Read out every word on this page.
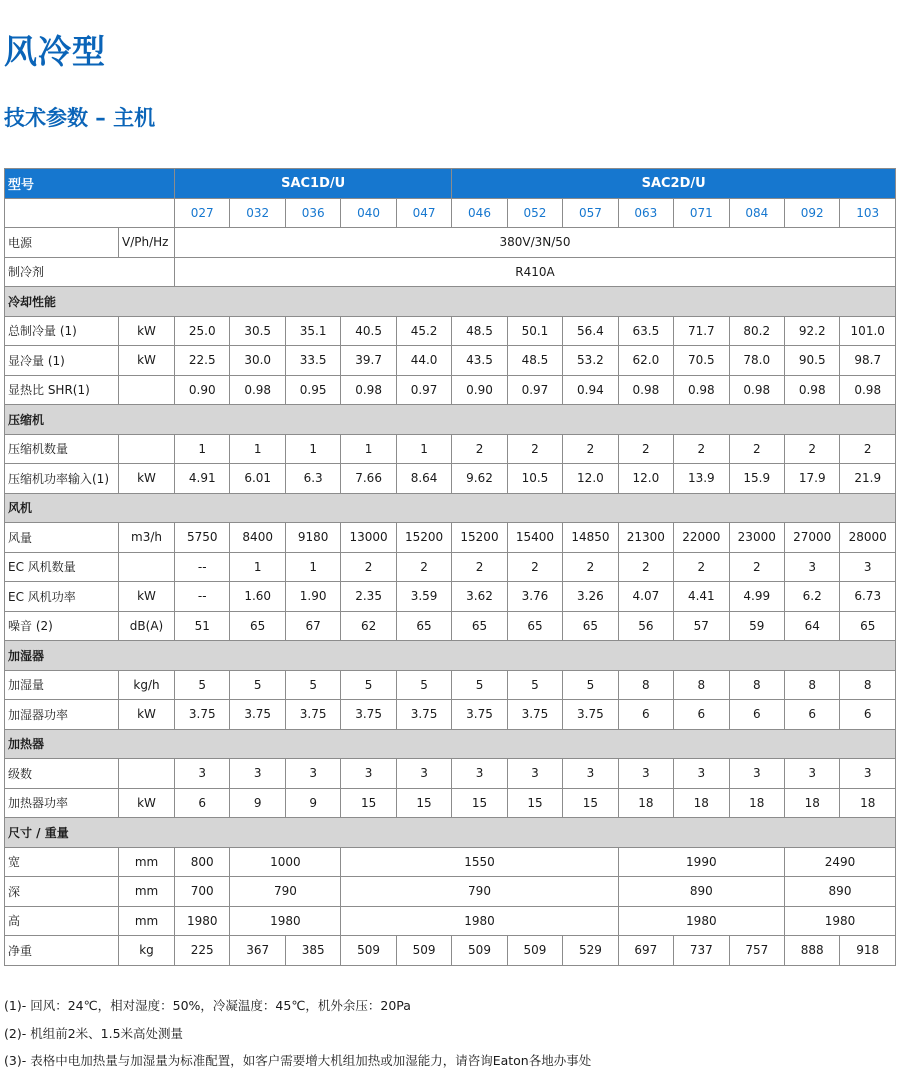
风冷型
技术参数 – 主机
型号		SAC1D/U					SAC2D/U							
		027	032	036	040	047	046	052	057	063	071	084	092	103
电源	V/Ph/Hz	380V/3N/50												
制冷剂		R410A												
冷却性能														
总制冷量 (1)	kW	25.0	30.5	35.1	40.5	45.2	48.5	50.1	56.4	63.5	71.7	80.2	92.2	101.0
显冷量 (1)	kW	22.5	30.0	33.5	39.7	44.0	43.5	48.5	53.2	62.0	70.5	78.0	90.5	98.7
显热比 SHR(1)		0.90	0.98	0.95	0.98	0.97	0.90	0.97	0.94	0.98	0.98	0.98	0.98	0.98
压缩机														
压缩机数量		1	1	1	1	1	2	2	2	2	2	2	2	2
压缩机功率输入(1)	kW	4.91	6.01	6.3	7.66	8.64	9.62	10.5	12.0	12.0	13.9	15.9	17.9	21.9
风机														
风量	m3/h	5750	8400	9180	13000	15200	15200	15400	14850	21300	22000	23000	27000	28000
EC 风机数量		--	1	1	2	2	2	2	2	2	2	2	3	3
EC 风机功率	kW	--	1.60	1.90	2.35	3.59	3.62	3.76	3.26	4.07	4.41	4.99	6.2	6.73
噪音 (2)	dB(A)	51	65	67	62	65	65	65	65	56	57	59	64	65
加湿器														
加湿量	kg/h	5	5	5	5	5	5	5	5	8	8	8	8	8
加湿器功率	kW	3.75	3.75	3.75	3.75	3.75	3.75	3.75	3.75	6	6	6	6	6
加热器														
级数		3	3	3	3	3	3	3	3	3	3	3	3	3
加热器功率	kW	6	9	9	15	15	15	15	15	18	18	18	18	18
尺寸 / 重量														
宽	mm	800	1000		1550					1990			2490	
深	mm	700	790		790					890			890	
高	mm	1980	1980		1980					1980			1980	
净重	kg	225	367	385	509	509	509	509	529	697	737	757	888	918
(1)- 回风：24℃，相对湿度：50%，冷凝温度：45℃，机外余压：20Pa
(2)- 机组前2米、1.5米高处测量
(3)- 表格中电加热量与加湿量为标准配置，如客户需要增大机组加热或加湿能力，请咨询Eaton各地办事处
